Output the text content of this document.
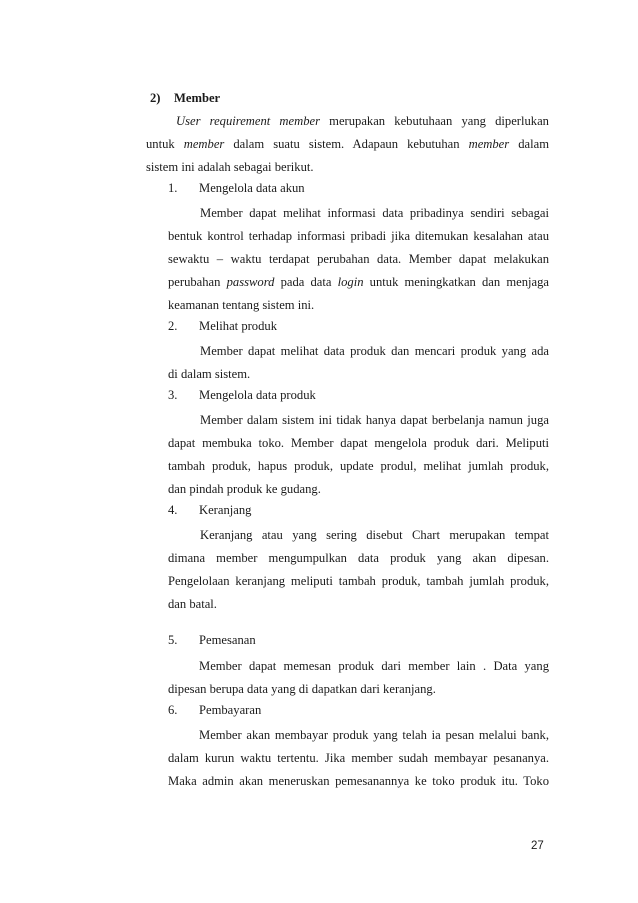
2) Member
User requirement member merupakan kebutuhaan yang diperlukan
untuk member dalam suatu sistem. Adapaun kebutuhan member dalam
sistem ini adalah sebagai berikut.
1. Mengelola data akun
Member dapat melihat informasi data pribadinya sendiri sebagai
bentuk kontrol terhadap informasi pribadi jika ditemukan kesalahan atau
sewaktu – waktu terdapat perubahan data. Member dapat melakukan
perubahan password pada data login untuk meningkatkan dan menjaga
keamanan tentang sistem ini.
2. Melihat produk
Member dapat melihat data produk dan mencari produk yang ada
di dalam sistem.
3. Mengelola data produk
Member dalam sistem ini tidak hanya dapat berbelanja namun juga
dapat membuka toko. Member dapat mengelola produk dari. Meliputi
tambah produk, hapus produk, update produl, melihat jumlah produk,
dan pindah produk ke gudang.
4. Keranjang
Keranjang atau yang sering disebut Chart merupakan tempat
dimana member mengumpulkan data produk yang akan dipesan.
Pengelolaan keranjang meliputi tambah produk, tambah jumlah produk,
dan batal.
5. Pemesanan
Member dapat memesan produk dari member lain . Data yang
dipesan berupa data yang di dapatkan dari keranjang.
6. Pembayaran
Member akan membayar produk yang telah ia pesan melalui bank,
dalam kurun waktu tertentu. Jika member sudah membayar pesananya.
Maka admin akan meneruskan pemesanannya ke toko produk itu. Toko
27
